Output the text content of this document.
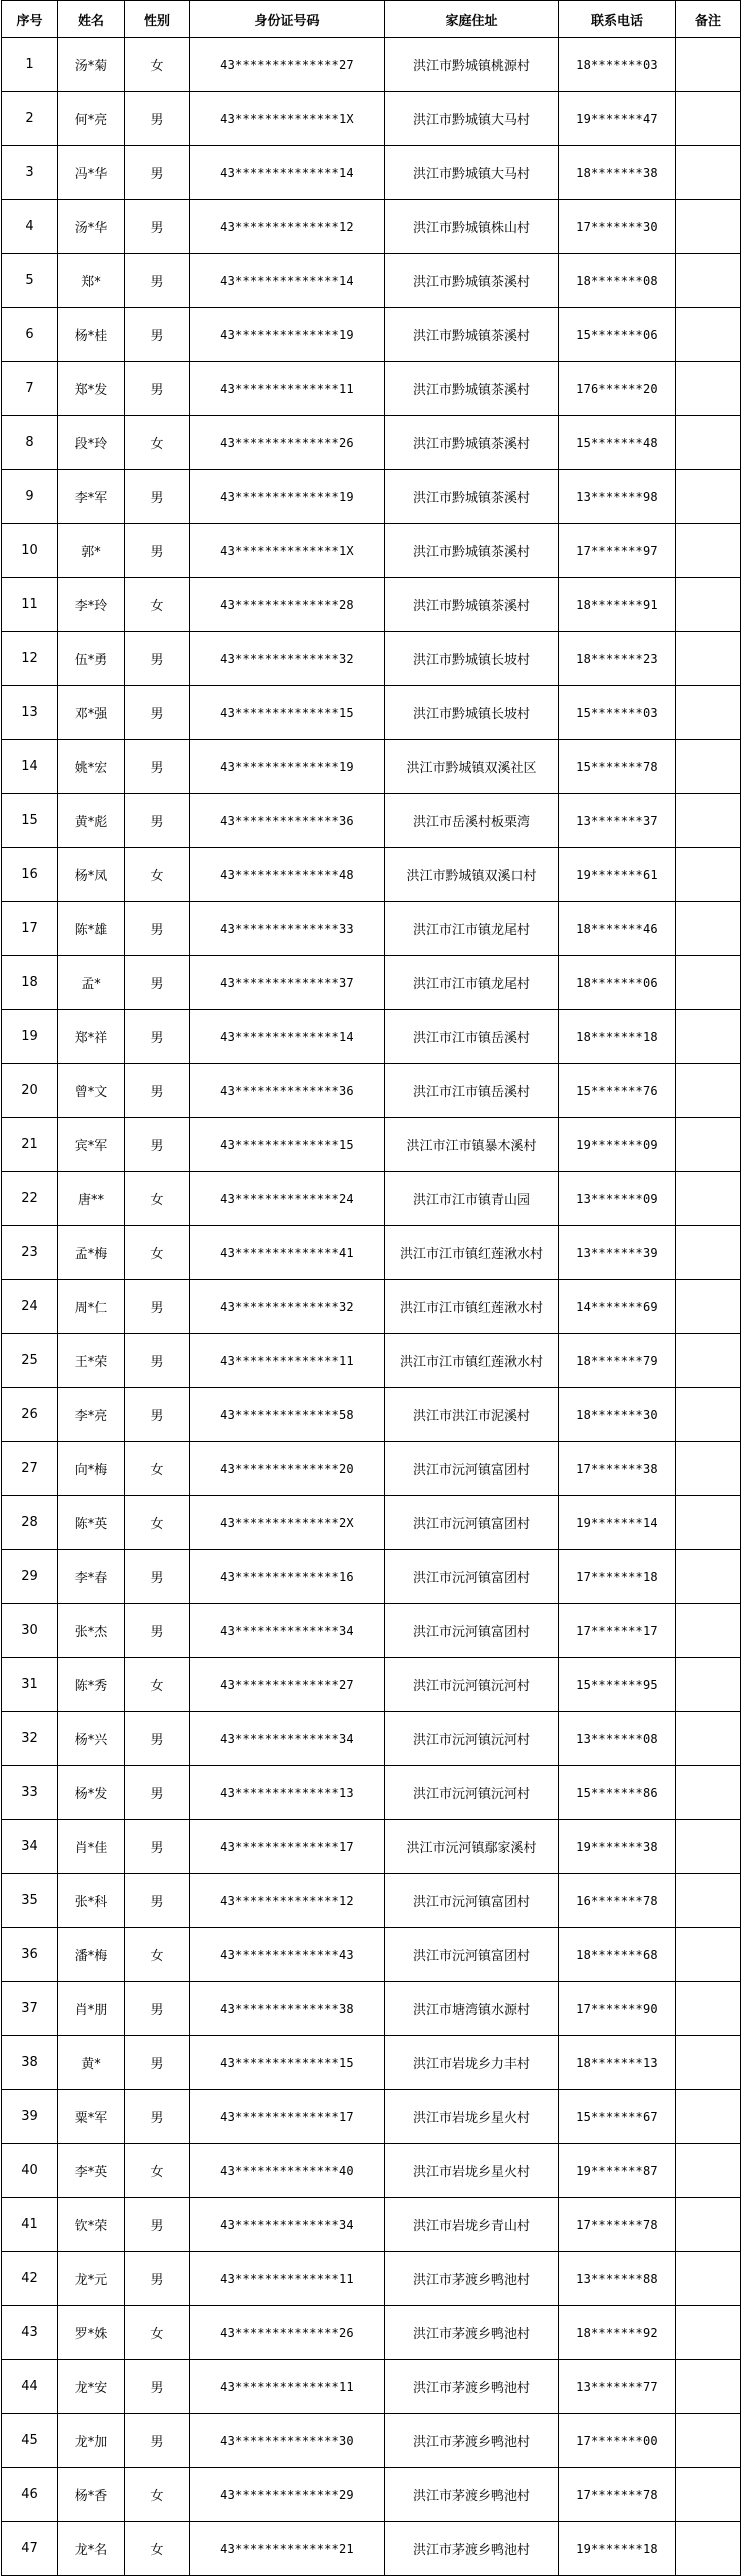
序号	姓名	性别	身份证号码	家庭住址	联系电话	备注
1	汤*菊	女	43**************27	洪江市黔城镇桃源村	18*******03	
2	何*亮	男	43**************1X	洪江市黔城镇大马村	19*******47	
3	冯*华	男	43**************14	洪江市黔城镇大马村	18*******38	
4	汤*华	男	43**************12	洪江市黔城镇株山村	17*******30	
5	郑*	男	43**************14	洪江市黔城镇茶溪村	18*******08	
6	杨*桂	男	43**************19	洪江市黔城镇茶溪村	15*******06	
7	郑*发	男	43**************11	洪江市黔城镇茶溪村	176******20	
8	段*玲	女	43**************26	洪江市黔城镇茶溪村	15*******48	
9	李*军	男	43**************19	洪江市黔城镇茶溪村	13*******98	
10	郭*	男	43**************1X	洪江市黔城镇茶溪村	17*******97	
11	李*玲	女	43**************28	洪江市黔城镇茶溪村	18*******91	
12	伍*勇	男	43**************32	洪江市黔城镇长坡村	18*******23	
13	邓*强	男	43**************15	洪江市黔城镇长坡村	15*******03	
14	姚*宏	男	43**************19	洪江市黔城镇双溪社区	15*******78	
15	黄*彪	男	43**************36	洪江市岳溪村板栗湾	13*******37	
16	杨*凤	女	43**************48	洪江市黔城镇双溪口村	19*******61	
17	陈*雄	男	43**************33	洪江市江市镇龙尾村	18*******46	
18	孟*	男	43**************37	洪江市江市镇龙尾村	18*******06	
19	郑*祥	男	43**************14	洪江市江市镇岳溪村	18*******18	
20	曾*文	男	43**************36	洪江市江市镇岳溪村	15*******76	
21	宾*军	男	43**************15	洪江市江市镇暴木溪村	19*******09	
22	唐**	女	43**************24	洪江市江市镇青山园	13*******09	
23	孟*梅	女	43**************41	洪江市江市镇红莲湫水村	13*******39	
24	周*仁	男	43**************32	洪江市江市镇红莲湫水村	14*******69	
25	王*荣	男	43**************11	洪江市江市镇红莲湫水村	18*******79	
26	李*亮	男	43**************58	洪江市洪江市泥溪村	18*******30	
27	向*梅	女	43**************20	洪江市沅河镇富团村	17*******38	
28	陈*英	女	43**************2X	洪江市沅河镇富团村	19*******14	
29	李*春	男	43**************16	洪江市沅河镇富团村	17*******18	
30	张*杰	男	43**************34	洪江市沅河镇富团村	17*******17	
31	陈*秀	女	43**************27	洪江市沅河镇沅河村	15*******95	
32	杨*兴	男	43**************34	洪江市沅河镇沅河村	13*******08	
33	杨*发	男	43**************13	洪江市沅河镇沅河村	15*******86	
34	肖*佳	男	43**************17	洪江市沅河镇鄢家溪村	19*******38	
35	张*科	男	43**************12	洪江市沅河镇富团村	16*******78	
36	潘*梅	女	43**************43	洪江市沅河镇富团村	18*******68	
37	肖*朋	男	43**************38	洪江市塘湾镇水源村	17*******90	
38	黄*	男	43**************15	洪江市岩垅乡力丰村	18*******13	
39	粟*军	男	43**************17	洪江市岩垅乡星火村	15*******67	
40	李*英	女	43**************40	洪江市岩垅乡星火村	19*******87	
41	钦*荣	男	43**************34	洪江市岩垅乡青山村	17*******78	
42	龙*元	男	43**************11	洪江市茅渡乡鸭池村	13*******88	
43	罗*姝	女	43**************26	洪江市茅渡乡鸭池村	18*******92	
44	龙*安	男	43**************11	洪江市茅渡乡鸭池村	13*******77	
45	龙*加	男	43**************30	洪江市茅渡乡鸭池村	17*******00	
46	杨*香	女	43**************29	洪江市茅渡乡鸭池村	17*******78	
47	龙*名	女	43**************21	洪江市茅渡乡鸭池村	19*******18	
